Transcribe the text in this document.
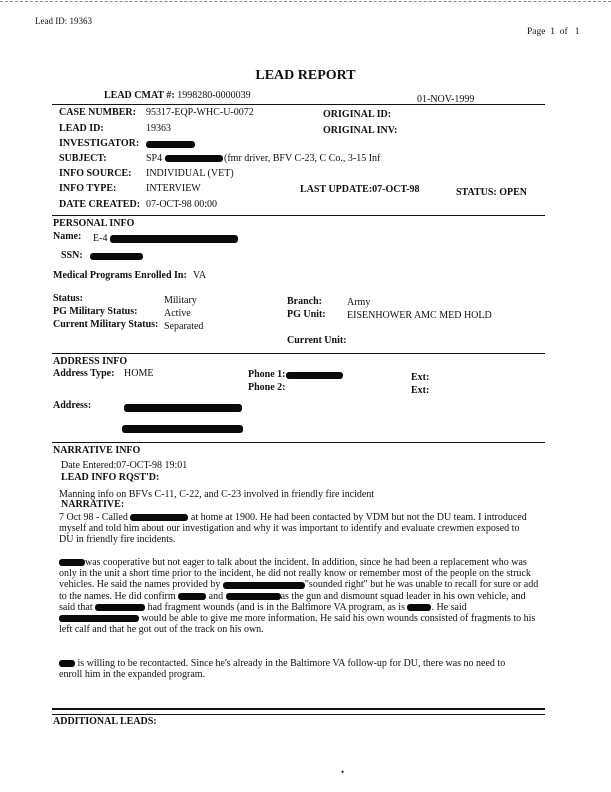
Lead ID: 19363
Page 1 of 1
LEAD REPORT
LEAD CMAT #: 1998280-0000039	01-NOV-1999
CASE NUMBER: 95317-EQP-WHC-U-0072	ORIGINAL ID:
LEAD ID:	19363	ORIGINAL INV:
INVESTIGATOR:
SUBJECT:	SP4	(fmr driver, BFV C-23, C Co., 3-15 Inf
INFO SOURCE: INDIVIDUAL (VET)
INFO TYPE:	INTERVIEW	LAST UPDATE:07-OCT-98	STATUS: OPEN
DATE CREATED: 07-OCT-98 00:00
PERSONAL INFO
Name: E-4
SSN:
Medical Programs Enrolled In: VA
Status:	Military
PG Military Status:	Active
Current Military Status: Separated
Branch:	Army
PG Unit: EISENHOWER AMC MED HOLD
Current Unit:
ADDRESS INFO
Address Type: HOME	Phone 1:
Phone 2:
Ext:
Ext:
Address:
NARRATIVE INFO
Date Entered:07-OCT-98 19:01
LEAD INFO RQST'D:
Manning info on BFVs C-11, C-22, and C-23 involved in friendly fire incident
NARRATIVE:

7 Oct 98 - Called	at home at 1900. He had been contacted by VDM but not the DU team. I introduced myself and told him about our investigation and why it was important to identify and evaluate crewmen exposed to DU in friendly fire incidents.

was cooperative but not eager to talk about the incident. In addition, since he had been a replacement who was only in the unit a short time prior to the incident, he did not really know or remember most of the people on the struck vehicles. He said the names provided by	"sounded right" but he was unable to recall for sure or add to the names. He did confirm	and	as the gun and dismount squad leader in his own vehicle, and said that	had fragment wounds (and is in the Baltimore VA program, as is	. He said  would be able to give me more information. He said his own wounds consisted of fragments to his left calf and that he got out of the track on his own.

is willing to be recontacted. Since he's already in the Baltimore VA follow-up for DU, there was no need to enroll him in the expanded program.

ADDITIONAL LEADS:
•
